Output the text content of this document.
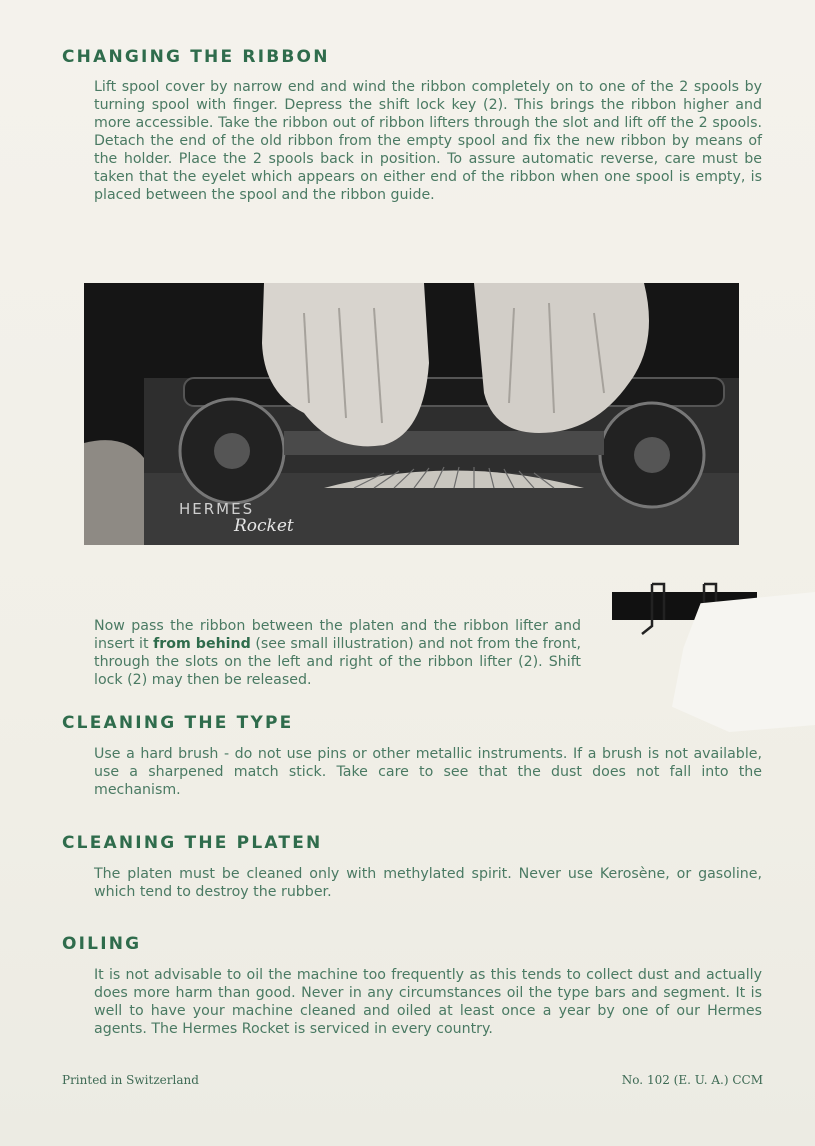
CHANGING THE RIBBON

Lift spool cover by narrow end and wind the ribbon completely on to one of the 2 spools by turning spool with finger. Depress the shift lock key (2). This brings the ribbon higher and more accessible. Take the ribbon out of ribbon lifters through the slot and lift off the 2 spools. Detach the end of the old ribbon from the empty spool and fix the new ribbon by means of the holder. Place the 2 spools back in position. To assure automatic reverse, care must be taken that the eyelet which appears on either end of the ribbon when one spool is empty, is placed between the spool and the ribbon guide.

HERMES
Rocket

Now pass the ribbon between the platen and the ribbon lifter and insert it from behind (see small illustration) and not from the front, through the slots on the left and right of the ribbon lifter (2). Shift lock (2) may then be released.

CLEANING THE TYPE

Use a hard brush - do not use pins or other metallic instruments. If a brush is not available, use a sharpened match stick. Take care to see that the dust does not fall into the mechanism.

CLEANING THE PLATEN

The platen must be cleaned only with methylated spirit. Never use Kerosène, or gasoline, which tend to destroy the rubber.

OILING

It is not advisable to oil the machine too frequently as this tends to collect dust and actually does more harm than good. Never in any circumstances oil the type bars and segment. It is well to have your machine cleaned and oiled at least once a year by one of our Hermes agents. The Hermes Rocket is serviced in every country.

Printed in Switzerland	No. 102 (E. U. A.) CCM
